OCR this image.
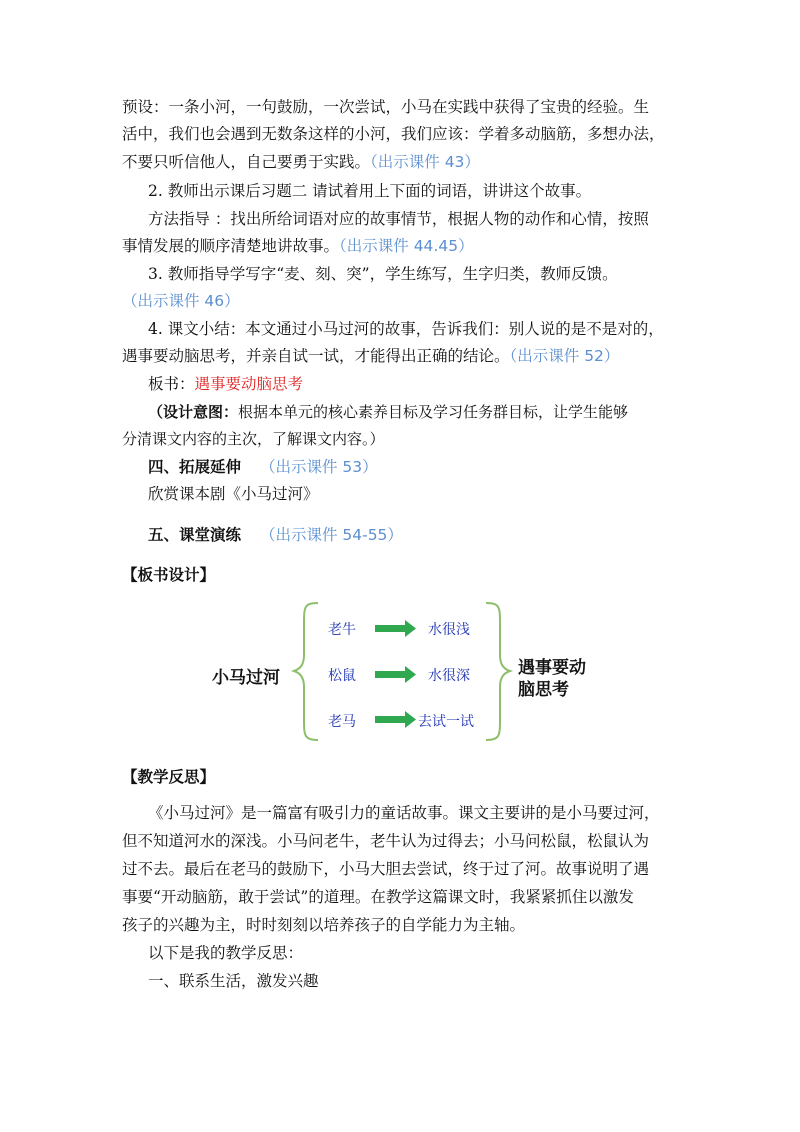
预设：一条小河，一句鼓励，一次尝试，小马在实践中获得了宝贵的经验。生
活中，我们也会遇到无数条这样的小河，我们应该：学着多动脑筋，多想办法，
不要只听信他人，自己要勇于实践。（出示课件 43）
2. 教师出示课后习题二 请试着用上下面的词语，讲讲这个故事。
方法指导 ：找出所给词语对应的故事情节，根据人物的动作和心情，按照
事情发展的顺序清楚地讲故事。（出示课件 44.45）
3. 教师指导学写字“麦、刻、突”，学生练写，生字归类，教师反馈。
（出示课件 46）
4. 课文小结：本文通过小马过河的故事，告诉我们：别人说的是不是对的，
遇事要动脑思考，并亲自试一试，才能得出正确的结论。（出示课件 52）
板书：遇事要动脑思考
（设计意图：根据本单元的核心素养目标及学习任务群目标，让学生能够
分清课文内容的主次，了解课文内容。）
四、拓展延伸 （出示课件 53）
欣赏课本剧《小马过河》
五、课堂演练 （出示课件 54-55）
【板书设计】
小马过河
老牛	水很浅
松鼠	水很深
老马	去试一试
遇事要动
脑思考
【教学反思】
《小马过河》是一篇富有吸引力的童话故事。课文主要讲的是小马要过河，
但不知道河水的深浅。小马问老牛，老牛认为过得去；小马问松鼠，松鼠认为
过不去。最后在老马的鼓励下，小马大胆去尝试，终于过了河。故事说明了遇
事要“开动脑筋，敢于尝试”的道理。在教学这篇课文时，我紧紧抓住以激发
孩子的兴趣为主，时时刻刻以培养孩子的自学能力为主轴。
以下是我的教学反思：
一、联系生活，激发兴趣
